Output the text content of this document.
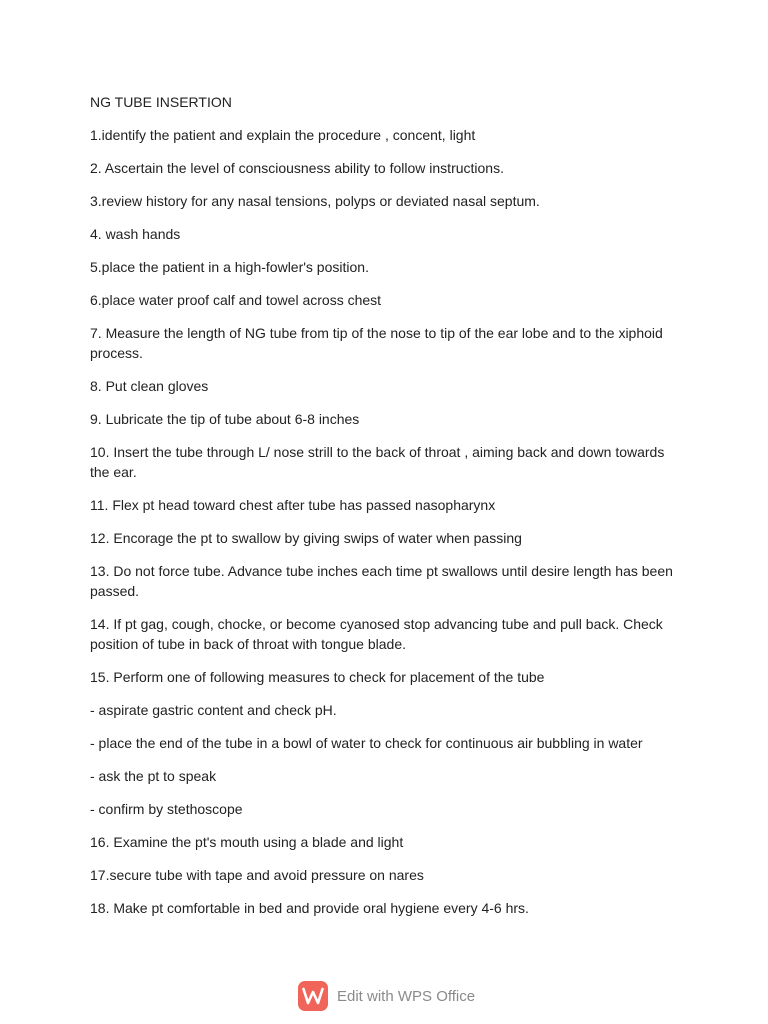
NG TUBE INSERTION

1.identify the patient and explain the procedure , concent, light

2. Ascertain the level of consciousness ability to follow instructions.

3.review history for any nasal tensions, polyps or deviated nasal septum.

4. wash hands

5.place the patient in a high-fowler's position.

6.place water proof calf and towel across chest

7. Measure the length of NG tube from tip of the nose to tip of the ear lobe and to the xiphoid process.

8. Put clean gloves

9. Lubricate the tip of tube about 6-8 inches

10. Insert the tube through L/ nose strill to the back of throat , aiming back and down towards the ear.

11. Flex pt head toward chest after tube has passed nasopharynx

12. Encorage the pt to swallow by giving swips of water when passing

13. Do not force tube. Advance tube inches each time pt swallows until desire length has been passed.

14. If pt gag, cough, chocke, or become cyanosed stop advancing tube and pull back. Check position of tube in back of throat with tongue blade.

15. Perform one of following measures to check for placement of the tube

- aspirate gastric content and check pH.

- place the end of the tube in a bowl of water to check for continuous air bubbling in water

- ask the pt to speak

- confirm by stethoscope

16. Examine the pt's mouth using a blade and light

17.secure tube with tape and avoid pressure on nares

18. Make pt comfortable in bed and provide oral hygiene every 4-6 hrs.

Edit with WPS Office
